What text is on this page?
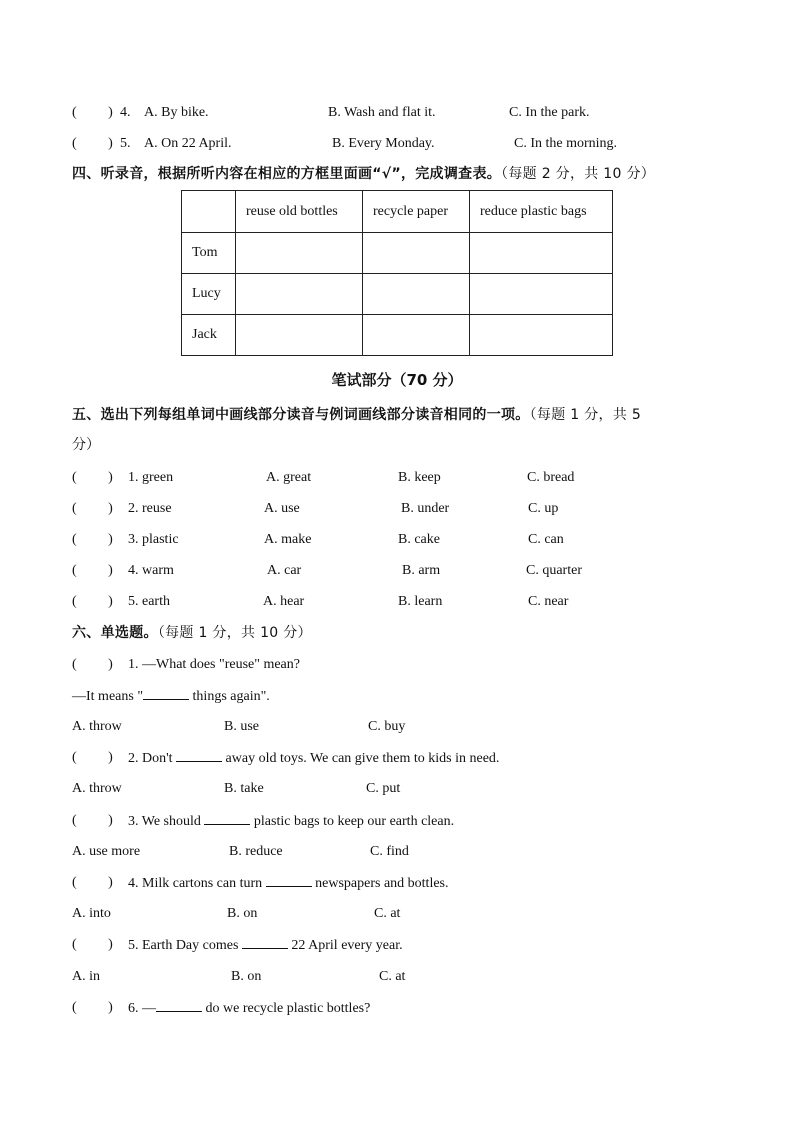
(         ) 4. A. By bike.	B. Wash and flat it.	C. In the park.
(         ) 5. A. On 22 April.	B. Every Monday.	C. In the morning.
四、听录音，根据所听内容在相应的方框里面画“√”，完成调查表。（每题 2 分，共 10 分）
	reuse old bottles	recycle paper	reduce plastic bags
Tom			
Lucy			
Jack			
笔试部分（70 分）
五、选出下列每组单词中画线部分读音与例词画线部分读音相同的一项。（每题 1 分，共 5
分）
(         ) 1. green	A. great	B. keep	C. bread
(         ) 2. reuse	A. use	B. under	C. up
(         ) 3. plastic	A. make	B. cake	C. can
(         ) 4. warm	A. car	B. arm	C. quarter
(         ) 5. earth	A. hear	B. learn	C. near
六、单选题。（每题 1 分，共 10 分）
(         ) 1. —What does "reuse" mean?
—It means "	things again".
A. throw	B. use	C. buy
(         ) 2. Don't	away old toys. We can give them to kids in need.
A. throw	B. take	C. put
(         ) 3. We should	plastic bags to keep our earth clean.
A. use more	B. reduce	C. find
(         ) 4. Milk cartons can turn	newspapers and bottles.
A. into	B. on	C. at
(         ) 5. Earth Day comes	22 April every year.
A. in	B. on	C. at
(         ) 6. —	do we recycle plastic bottles?
